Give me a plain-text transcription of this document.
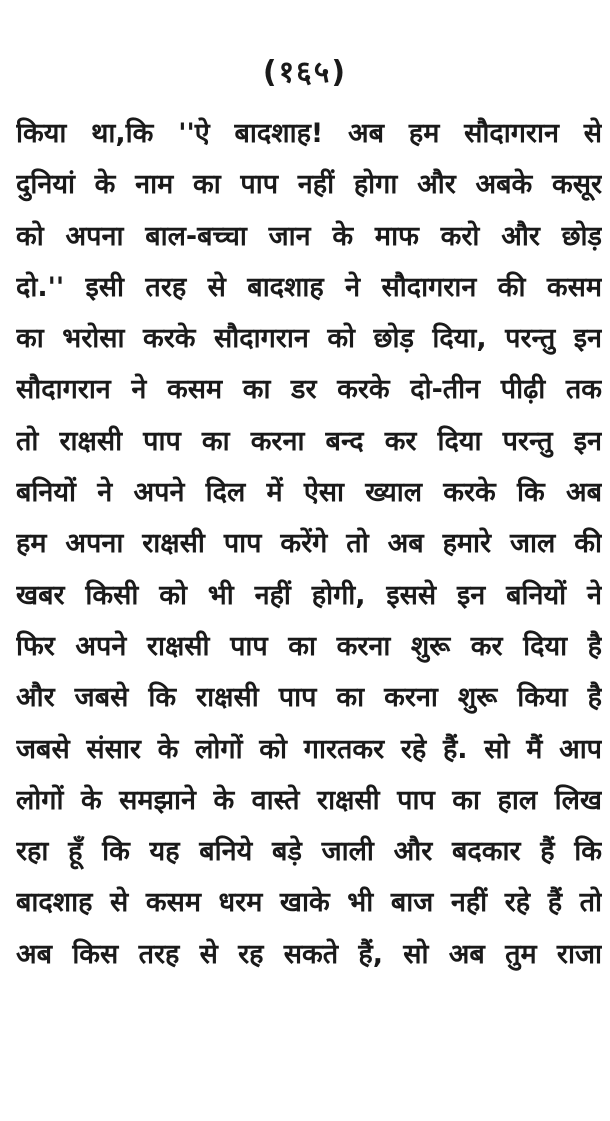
(१६५)
किया था,कि ''ऐ बादशाह! अब हम सौदागरान से
दुनियां के नाम का पाप नहीं होगा और अबके कसूर
को अपना बाल-बच्चा जान के माफ करो और छोड़
दो.'' इसी तरह से बादशाह ने सौदागरान की कसम
का भरोसा करके सौदागरान को छोड़ दिया, परन्तु इन
सौदागरान ने कसम का डर करके दो-तीन पीढ़ी तक
तो राक्षसी पाप का करना बन्द कर दिया परन्तु इन
बनियों ने अपने दिल में ऐसा ख्याल करके कि अब
हम अपना राक्षसी पाप करेंगे तो अब हमारे जाल की
खबर किसी को भी नहीं होगी, इससे इन बनियों ने
फिर अपने राक्षसी पाप का करना शुरू कर दिया है
और जबसे कि राक्षसी पाप का करना शुरू किया है
जबसे संसार के लोगों को गारतकर रहे हैं. सो मैं आप
लोगों के समझाने के वास्ते राक्षसी पाप का हाल लिख
रहा हूँ कि यह बनिये बड़े जाली और बदकार हैं कि
बादशाह से कसम धरम खाके भी बाज नहीं रहे हैं तो
अब किस तरह से रह सकते हैं, सो अब तुम राजा
